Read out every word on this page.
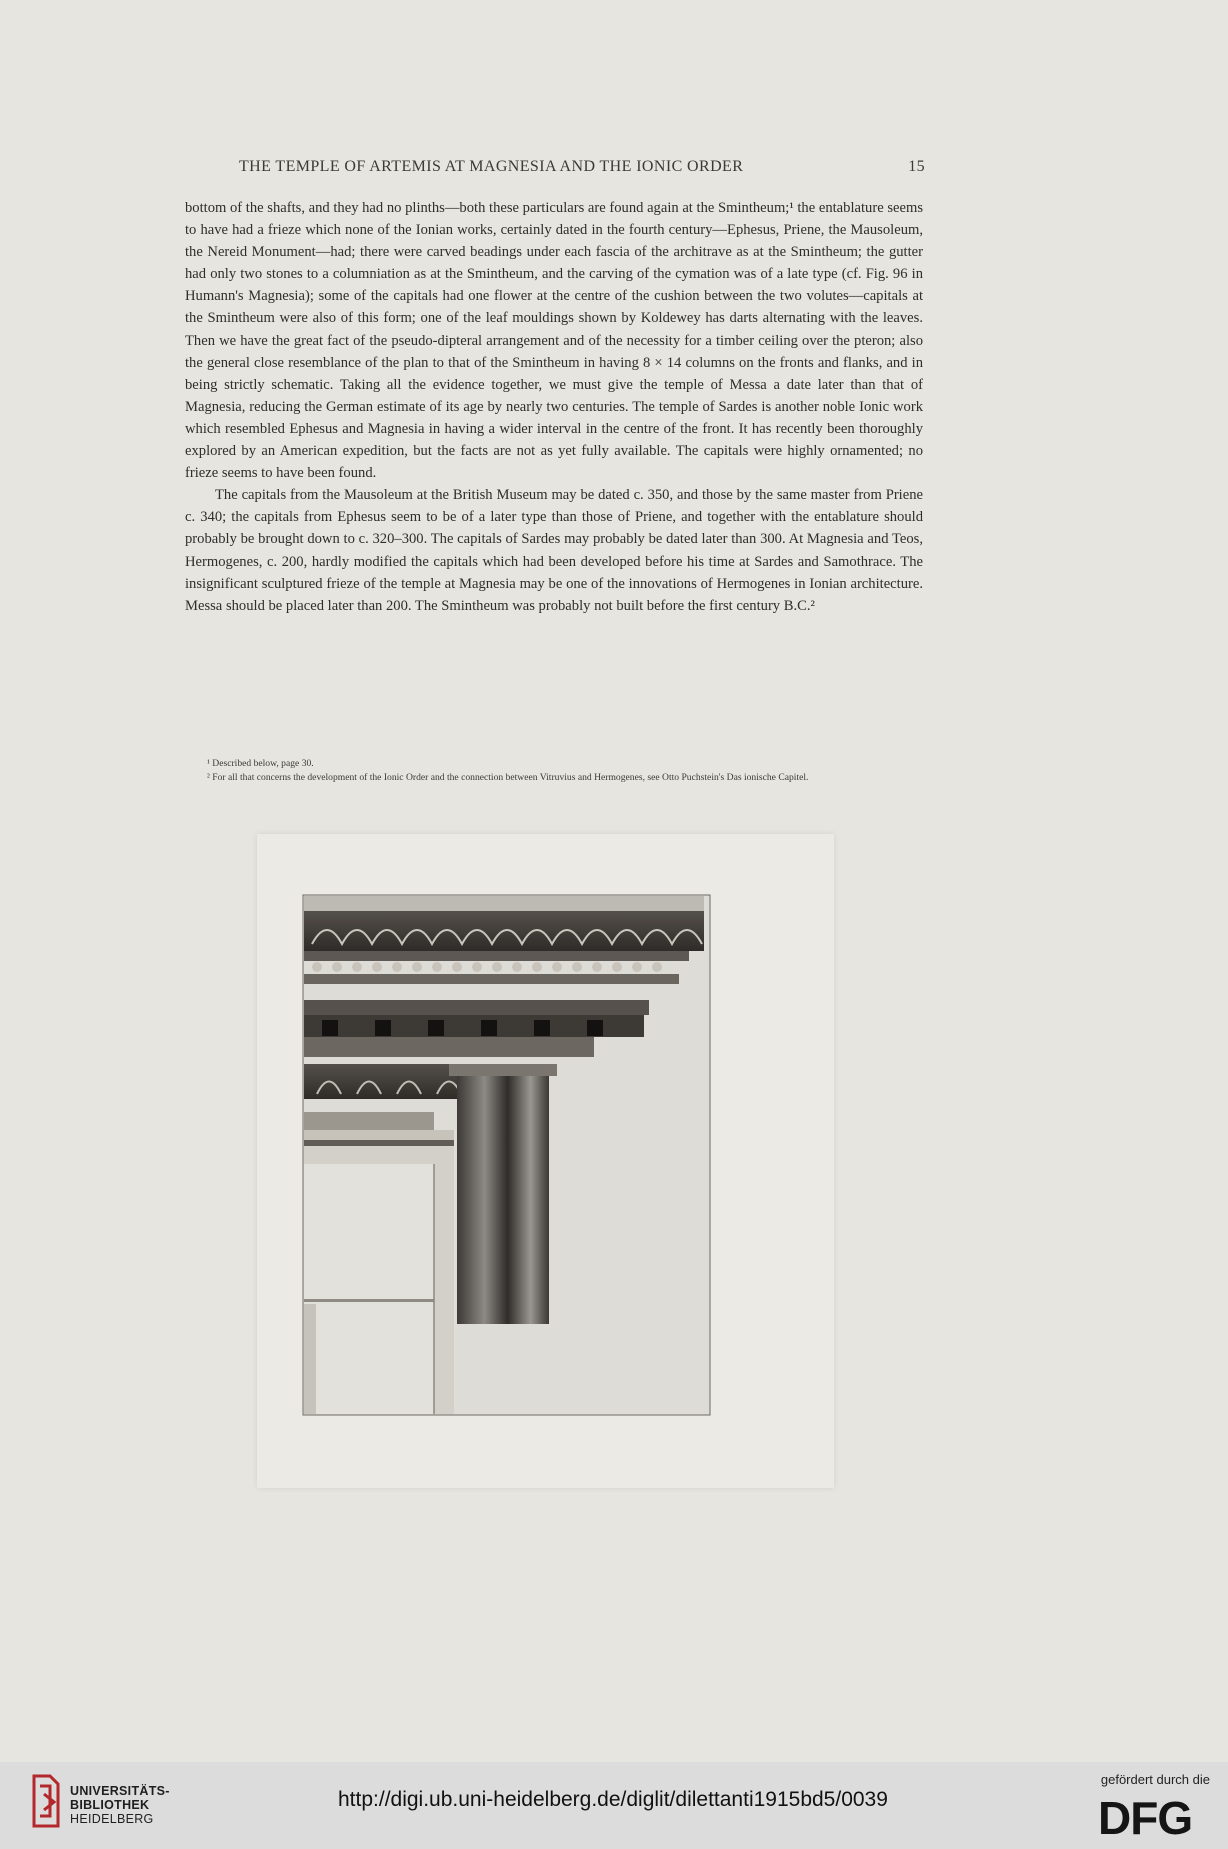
THE TEMPLE OF ARTEMIS AT MAGNESIA AND THE IONIC ORDER	15

bottom of the shafts, and they had no plinths—both these particulars are found again at the Smintheum;¹ the entablature seems to have had a frieze which none of the Ionian works, certainly dated in the fourth century—Ephesus, Priene, the Mausoleum, the Nereid Monument—had; there were carved beadings under each fascia of the architrave as at the Smintheum; the gutter had only two stones to a columniation as at the Smintheum, and the carving of the cymation was of a late type (cf. Fig. 96 in Humann's Magnesia); some of the capitals had one flower at the centre of the cushion between the two volutes—capitals at the Smintheum were also of this form; one of the leaf mouldings shown by Koldewey has darts alternating with the leaves. Then we have the great fact of the pseudo-dipteral arrangement and of the necessity for a timber ceiling over the pteron; also the general close resemblance of the plan to that of the Smintheum in having 8 × 14 columns on the fronts and flanks, and in being strictly schematic. Taking all the evidence together, we must give the temple of Messa a date later than that of Magnesia, reducing the German estimate of its age by nearly two centuries. The temple of Sardes is another noble Ionic work which resembled Ephesus and Magnesia in having a wider interval in the centre of the front. It has recently been thoroughly explored by an American expedition, but the facts are not as yet fully available. The capitals were highly ornamented; no frieze seems to have been found.

The capitals from the Mausoleum at the British Museum may be dated c. 350, and those by the same master from Priene c. 340; the capitals from Ephesus seem to be of a later type than those of Priene, and together with the entablature should probably be brought down to c. 320–300. The capitals of Sardes may probably be dated later than 300. At Magnesia and Teos, Hermogenes, c. 200, hardly modified the capitals which had been developed before his time at Sardes and Samothrace. The insignificant sculptured frieze of the temple at Magnesia may be one of the innovations of Hermogenes in Ionian architecture. Messa should be placed later than 200. The Smintheum was probably not built before the first century B.C.²

¹ Described below, page 30.

² For all that concerns the development of the Ionic Order and the connection between Vitruvius and Hermogenes, see Otto Puchstein's Das ionische Capitel.

UNIVERSITÄTS-
BIBLIOTHEK
HEIDELBERG
http://digi.ub.uni-heidelberg.de/diglit/dilettanti1915bd5/0039
gefördert durch die
DFG
